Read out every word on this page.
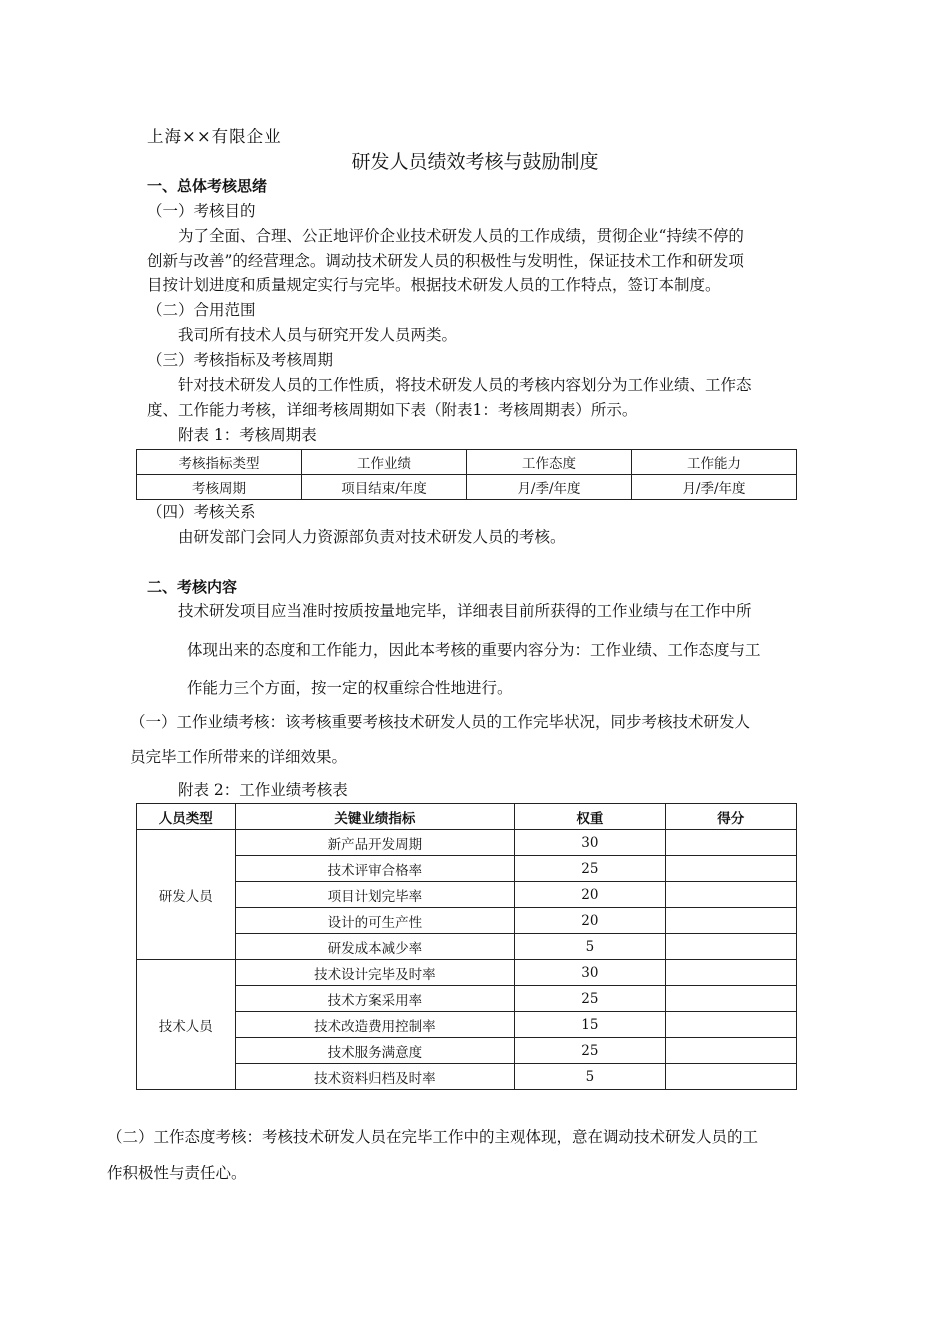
上海××有限企业
研发人员绩效考核与鼓励制度
一、总体考核思绪
（一）考核目的
为了全面、合理、公正地评价企业技术研发人员的工作成绩，贯彻企业“持续不停的
创新与改善”的经营理念。调动技术研发人员的积极性与发明性，保证技术工作和研发项
目按计划进度和质量规定实行与完毕。根据技术研发人员的工作特点，签订本制度。
（二）合用范围
我司所有技术人员与研究开发人员两类。
（三）考核指标及考核周期
针对技术研发人员的工作性质，将技术研发人员的考核内容划分为工作业绩、工作态
度、工作能力考核，详细考核周期如下表（附表1：考核周期表）所示。
附表 1：考核周期表
考核指标类型	工作业绩	工作态度	工作能力
考核周期	项目结束/年度	月/季/年度	月/季/年度
（四）考核关系
由研发部门会同人力资源部负责对技术研发人员的考核。
二、考核内容
技术研发项目应当准时按质按量地完毕，详细表目前所获得的工作业绩与在工作中所
体现出来的态度和工作能力，因此本考核的重要内容分为：工作业绩、工作态度与工
作能力三个方面，按一定的权重综合性地进行。
（一）工作业绩考核：该考核重要考核技术研发人员的工作完毕状况，同步考核技术研发人
员完毕工作所带来的详细效果。
附表 2：工作业绩考核表
人员类型	关键业绩指标	权重	得分
研发人员	新产品开发周期	30	
	技术评审合格率	25	
	项目计划完毕率	20	
	设计的可生产性	20	
	研发成本减少率	5	
技术人员	技术设计完毕及时率	30	
	技术方案采用率	25	
	技术改造费用控制率	15	
	技术服务满意度	25	
	技术资料归档及时率	5	
（二）工作态度考核：考核技术研发人员在完毕工作中的主观体现，意在调动技术研发人员的工
作积极性与责任心。
